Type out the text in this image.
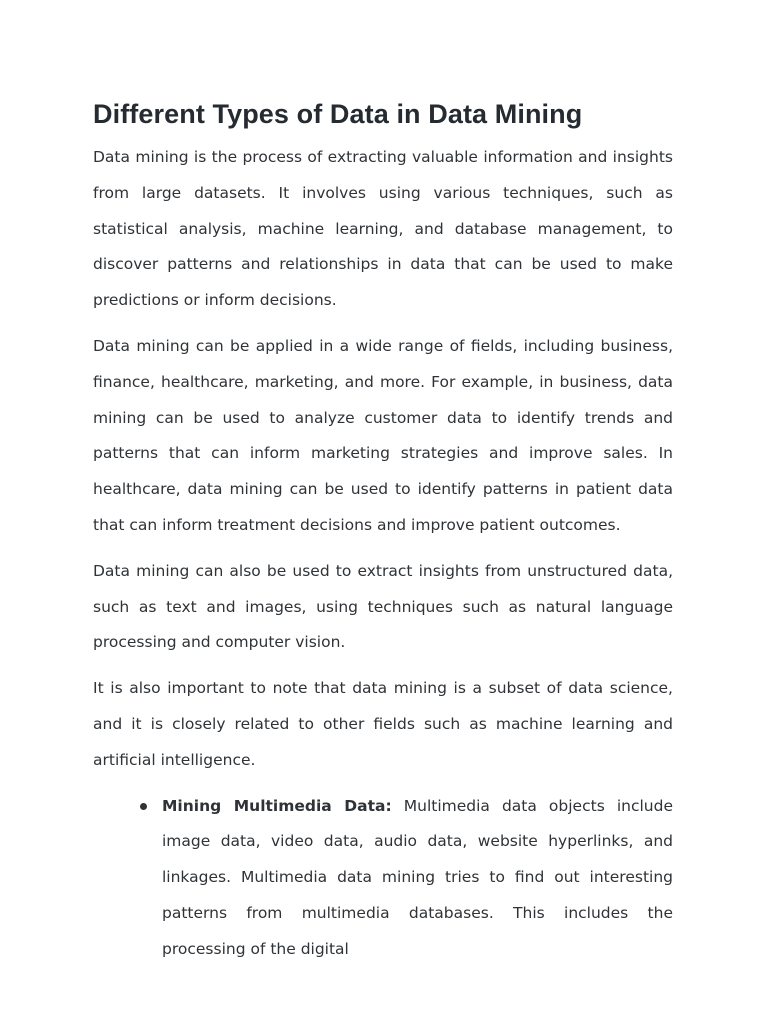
Different Types of Data in Data Mining

Data mining is the process of extracting valuable information and insights from large datasets. It involves using various techniques, such as statistical analysis, machine learning, and database management, to discover patterns and relationships in data that can be used to make predictions or inform decisions.

Data mining can be applied in a wide range of fields, including business, finance, healthcare, marketing, and more. For example, in business, data mining can be used to analyze customer data to identify trends and patterns that can inform marketing strategies and improve sales. In healthcare, data mining can be used to identify patterns in patient data that can inform treatment decisions and improve patient outcomes.

Data mining can also be used to extract insights from unstructured data, such as text and images, using techniques such as natural language processing and computer vision.

It is also important to note that data mining is a subset of data science, and it is closely related to other fields such as machine learning and artificial intelligence.

Mining Multimedia Data: Multimedia data objects include image data, video data, audio data, website hyperlinks, and linkages. Multimedia data mining tries to find out interesting patterns from multimedia databases. This includes the processing of the digital
